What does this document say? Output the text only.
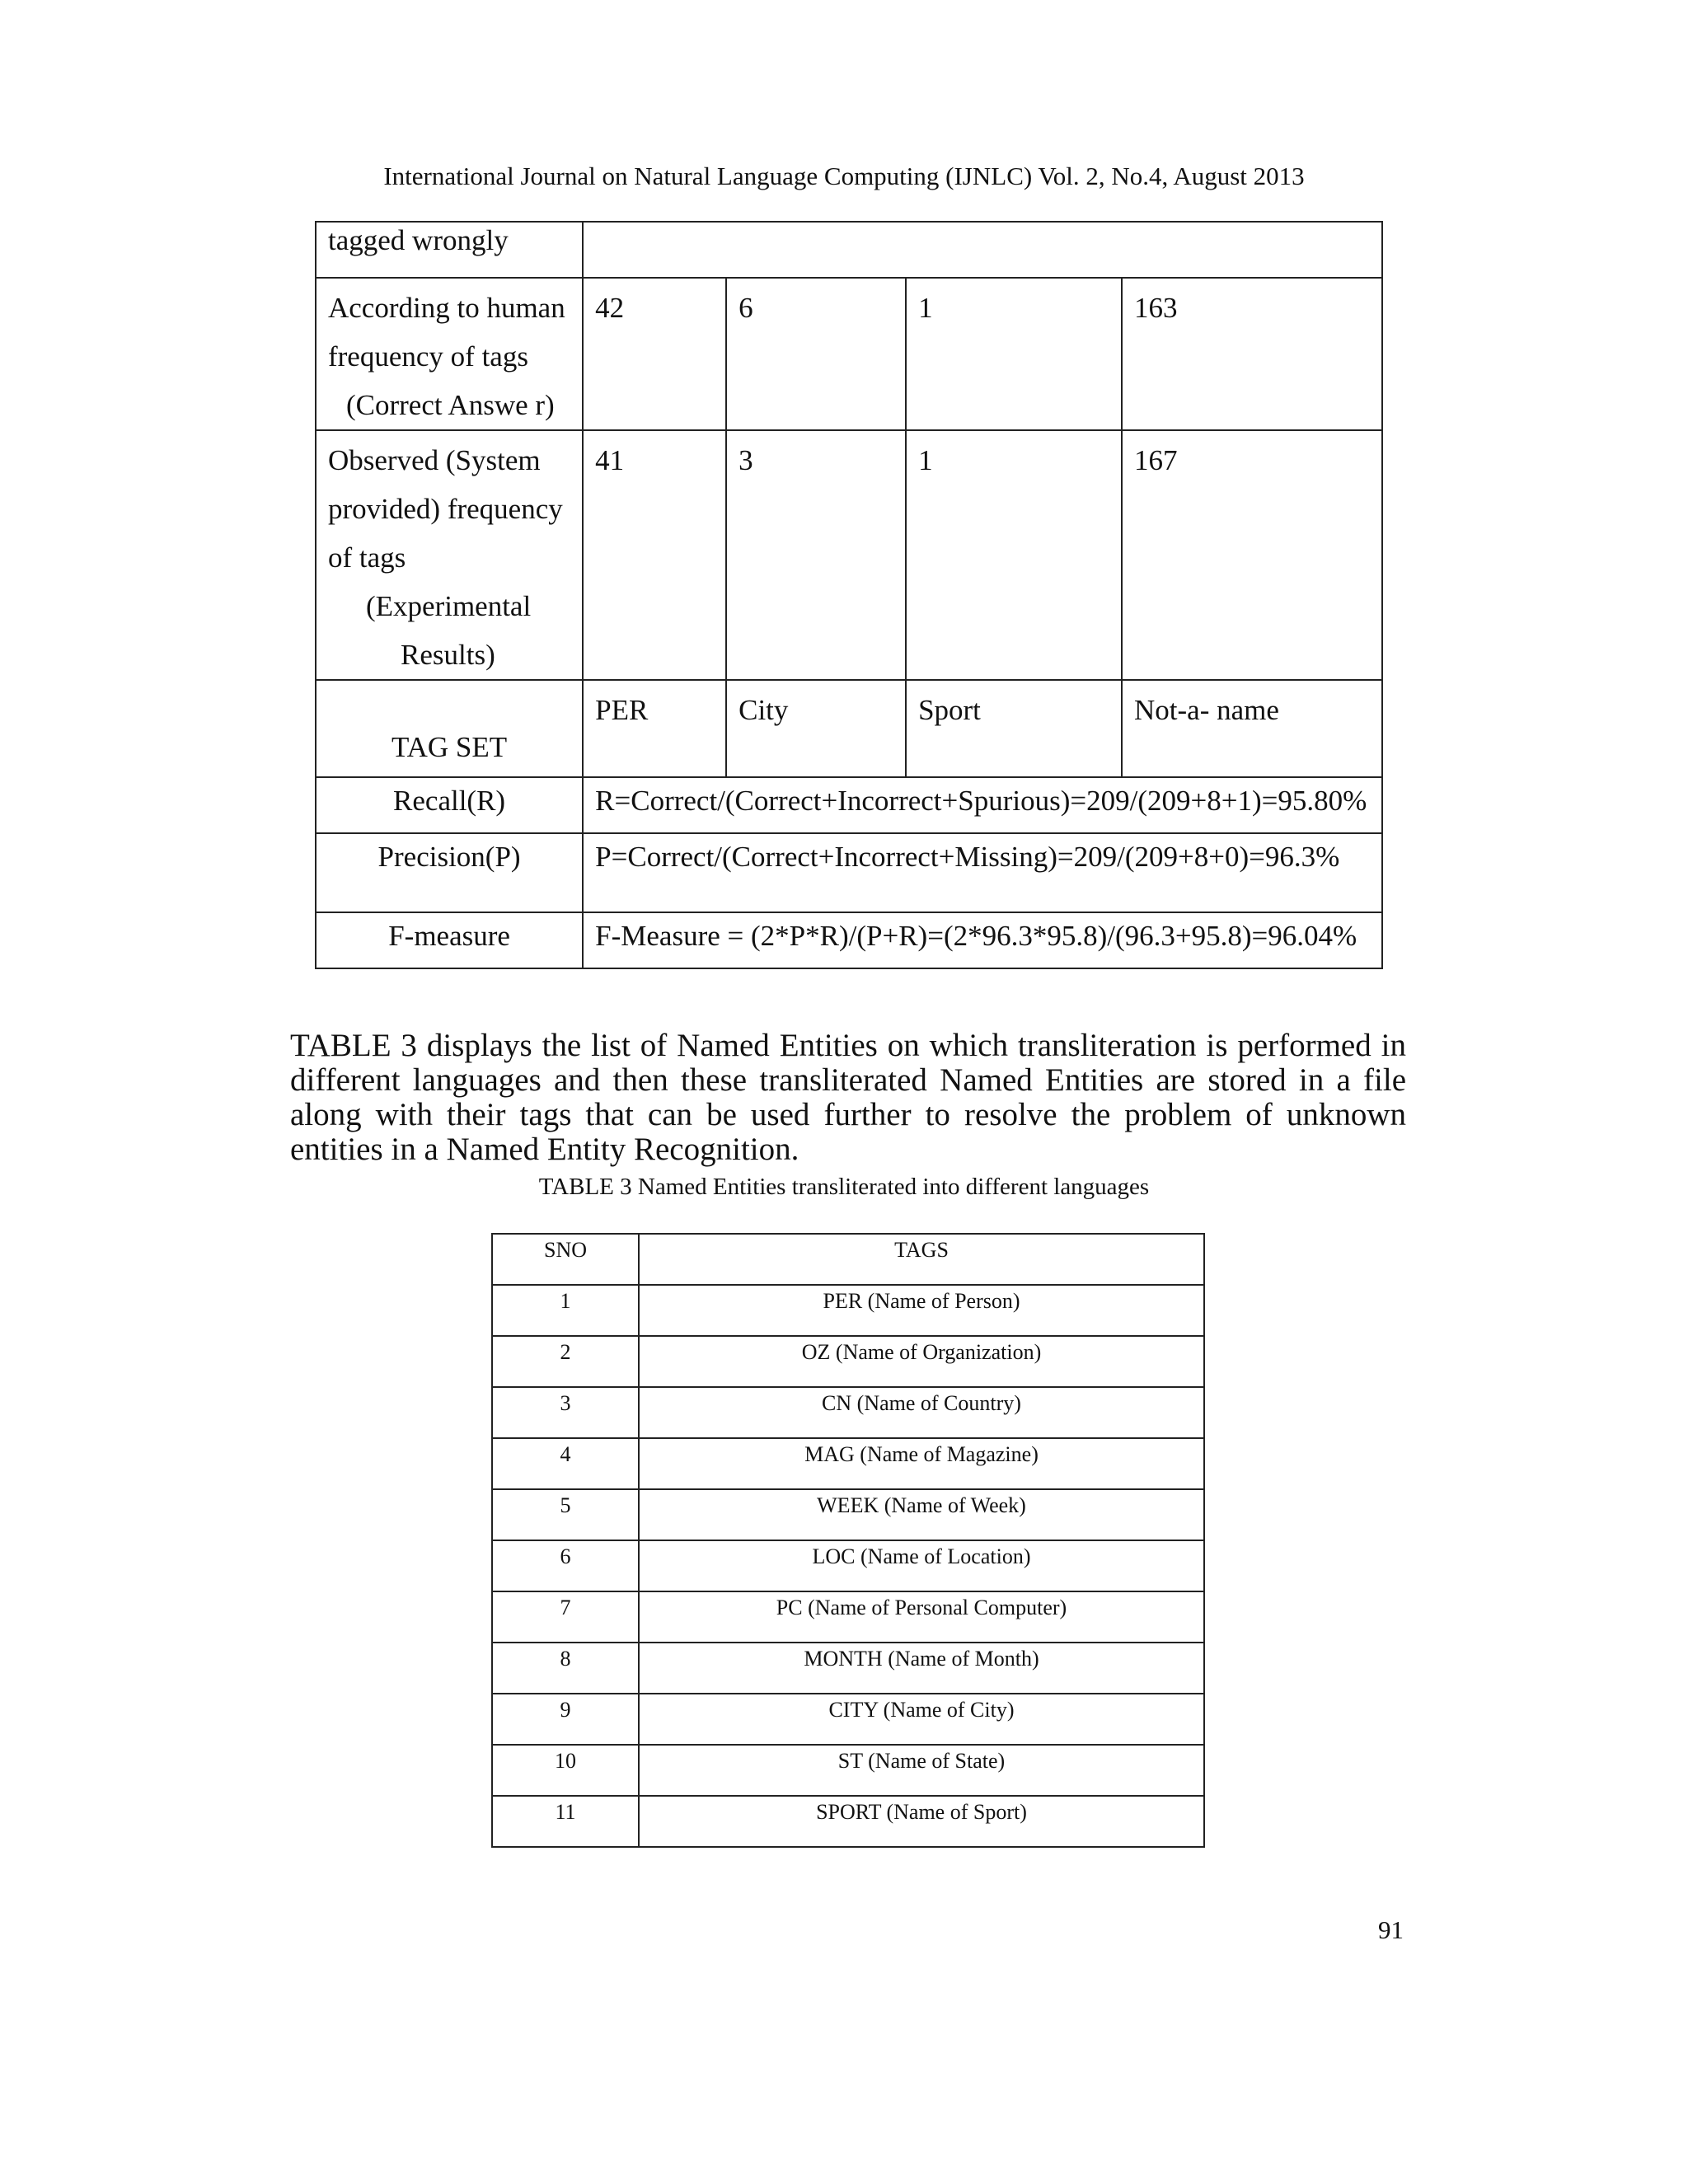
International Journal on Natural Language Computing (IJNLC) Vol. 2, No.4, August 2013
tagged wrongly				

According to human
frequency of tags
(Correct Answe r)	42	6	1	163

Observed (System
provided) frequency
of tags
(Experimental
Results)	41	3	1	167
TAG SET	PER	City	Sport	Not-a- name
Recall(R)	R=Correct/(Correct+Incorrect+Spurious)=209/(209+8+1)=95.80%			
Precision(P)	P=Correct/(Correct+Incorrect+Missing)=209/(209+8+0)=96.3%			
F-measure	F-Measure = (2*P*R)/(P+R)=(2*96.3*95.8)/(96.3+95.8)=96.04%			

TABLE 3 displays the list of Named Entities on which transliteration is performed in different languages and then these transliterated Named Entities are stored in a file along with their tags that can be used further to resolve the problem of unknown entities in a Named Entity Recognition.

TABLE 3 Named Entities transliterated into different languages
SNO	TAGS
1	PER (Name of Person)
2	OZ (Name of Organization)
3	CN (Name of Country)
4	MAG (Name of Magazine)
5	WEEK (Name of Week)
6	LOC (Name of Location)
7	PC (Name of Personal Computer)
8	MONTH (Name of Month)
9	CITY (Name of City)
10	ST (Name of State)
11	SPORT (Name of Sport)
91
